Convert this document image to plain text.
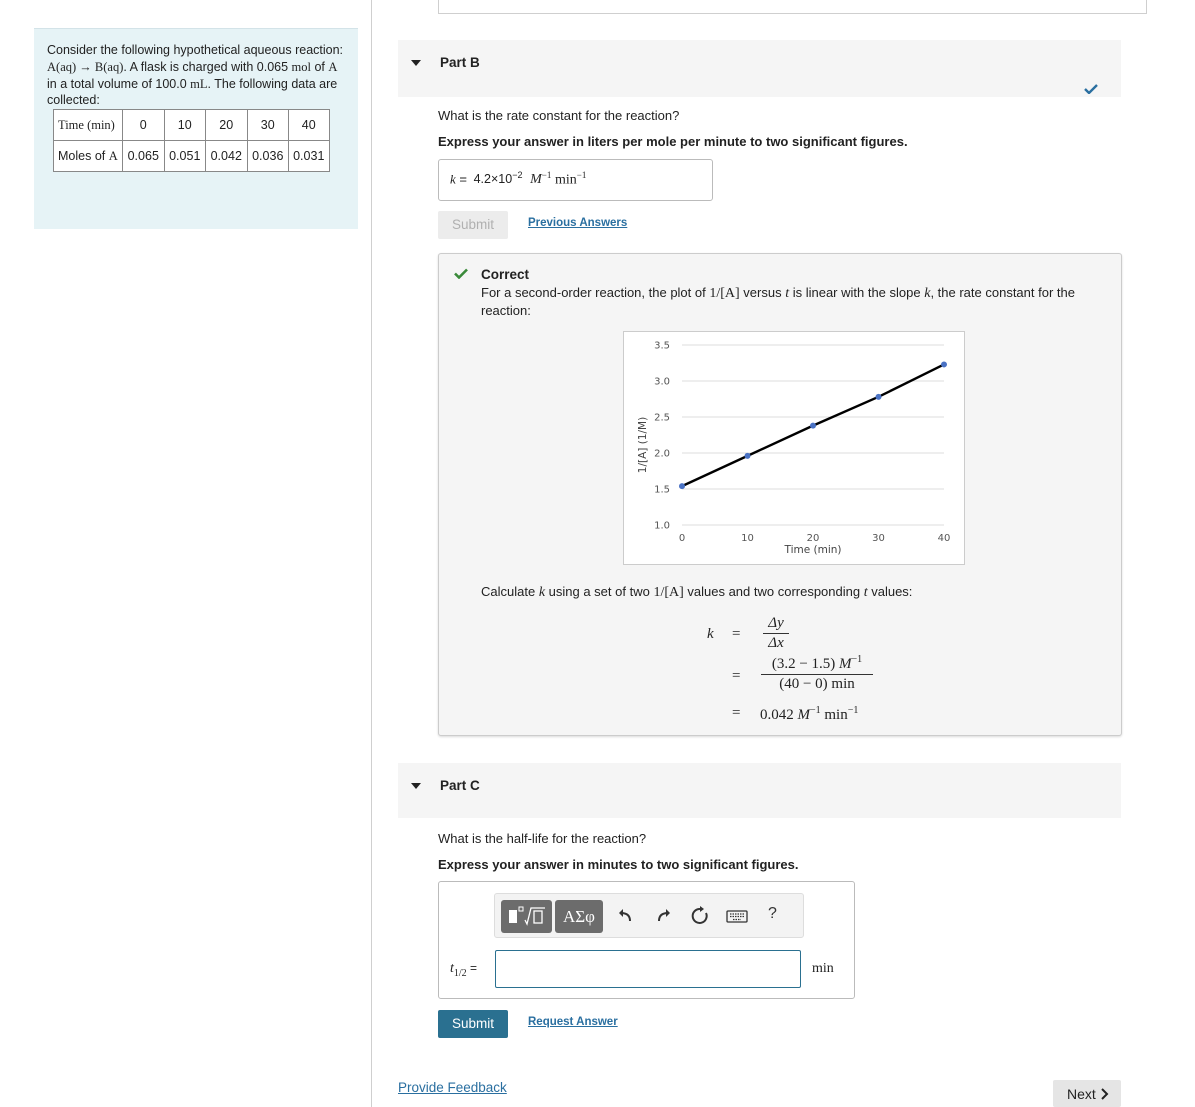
Consider the following hypothetical aqueous reaction: A(aq) → B(aq). A flask is charged with 0.065 mol of A in a total volume of 100.0 mL. The following data are collected:
Time (min)	0	10	20	30	40
Moles of A	0.065	0.051	0.042	0.036	0.031
Part B
What is the rate constant for the reaction?
Express your answer in liters per mole per minute to two significant figures.
$k = 4.2\times 10^{-2}$ $M^{-1}$ $\min^{-1}$
Submit	Previous Answers
Correct
For a second-order reaction, the plot of 1/[A] versus t is linear with the slope k, the rate constant for the reaction:
1.0
1.5
2.0
2.5
3.0
3.5
0	10	20	30	40
Time (min)
1/[A] (1/M)
Calculate k using a set of two 1/[A] values and two corresponding t values:
k =
Δy
Δx
=
(3.2 − 1.5) $M^{-1}$
(40 − 0) min
= 0.042 $M^{-1}$ $\min^{-1}$
Part C
What is the half-life for the reaction?
Express your answer in minutes to two significant figures.
ΑΣφ	?
$t_{1/2}$ =	min
Submit	Request Answer
Provide Feedback	Next
